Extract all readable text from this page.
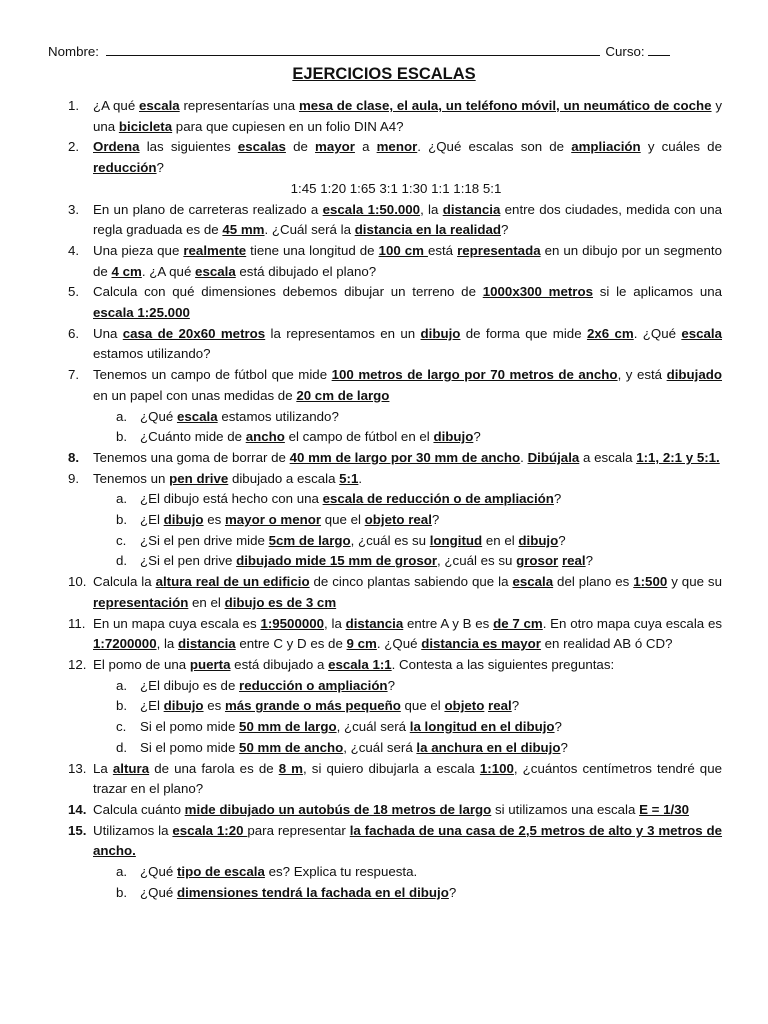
Nombre:	Curso:
EJERCICIOS ESCALAS
1. ¿A qué escala representarías una mesa de clase, el aula, un teléfono móvil, un neumático de coche y una bicicleta para que cupiesen en un folio DIN A4?
2. Ordena las siguientes escalas de mayor a menor. ¿Qué escalas son de ampliación y cuáles de reducción?
1:45 1:20 1:65 3:1 1:30 1:1 1:18 5:1
3. En un plano de carreteras realizado a escala 1:50.000, la distancia entre dos ciudades, medida con una regla graduada es de 45 mm. ¿Cuál será la distancia en la realidad?
4. Una pieza que realmente tiene una longitud de 100 cm está representada en un dibujo por un segmento de 4 cm. ¿A qué escala está dibujado el plano?
5. Calcula con qué dimensiones debemos dibujar un terreno de 1000x300 metros si le aplicamos una escala 1:25.000
6. Una casa de 20x60 metros la representamos en un dibujo de forma que mide 2x6 cm. ¿Qué escala estamos utilizando?
7. Tenemos un campo de fútbol que mide 100 metros de largo por 70 metros de ancho, y está dibujado en un papel con unas medidas de 20 cm de largo
a. ¿Qué escala estamos utilizando?
b. ¿Cuánto mide de ancho el campo de fútbol en el dibujo?
8. Tenemos una goma de borrar de 40 mm de largo por 30 mm de ancho. Dibújala a escala 1:1, 2:1 y 5:1.
9. Tenemos un pen drive dibujado a escala 5:1.
a. ¿El dibujo está hecho con una escala de reducción o de ampliación?
b. ¿El dibujo es mayor o menor que el objeto real?
c. ¿Si el pen drive mide 5cm de largo, ¿cuál es su longitud en el dibujo?
d. ¿Si el pen drive dibujado mide 15 mm de grosor, ¿cuál es su grosor real?
10. Calcula la altura real de un edificio de cinco plantas sabiendo que la escala del plano es 1:500 y que su representación en el dibujo es de 3 cm
11. En un mapa cuya escala es 1:9500000, la distancia entre A y B es de 7 cm. En otro mapa cuya escala es 1:7200000, la distancia entre C y D es de 9 cm. ¿Qué distancia es mayor en realidad AB ó CD?
12. El pomo de una puerta está dibujado a escala 1:1. Contesta a las siguientes preguntas:
a. ¿El dibujo es de reducción o ampliación?
b. ¿El dibujo es más grande o más pequeño que el objeto real?
c. Si el pomo mide 50 mm de largo, ¿cuál será la longitud en el dibujo?
d. Si el pomo mide 50 mm de ancho, ¿cuál será la anchura en el dibujo?
13. La altura de una farola es de 8 m, si quiero dibujarla a escala 1:100, ¿cuántos centímetros tendré que trazar en el plano?
14. Calcula cuánto mide dibujado un autobús de 18 metros de largo si utilizamos una escala E = 1/30
15. Utilizamos la escala 1:20 para representar la fachada de una casa de 2,5 metros de alto y 3 metros de ancho.
a. ¿Qué tipo de escala es? Explica tu respuesta.
b. ¿Qué dimensiones tendrá la fachada en el dibujo?
